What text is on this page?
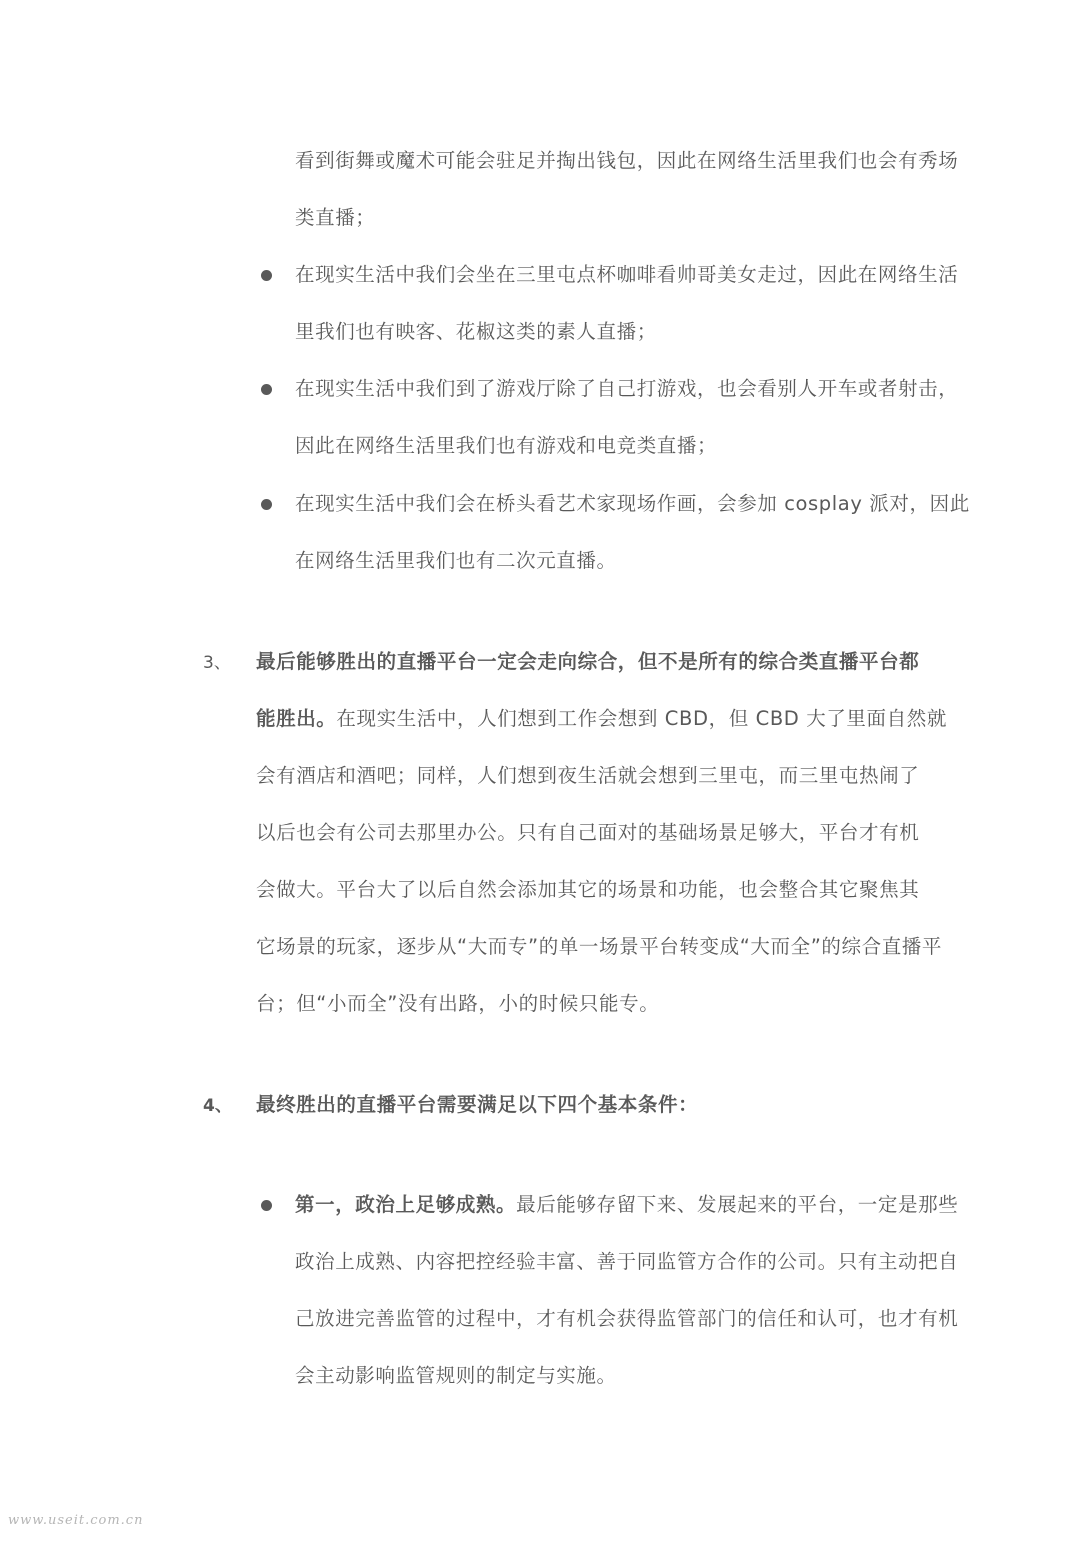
看到街舞或魔术可能会驻足并掏出钱包，因此在网络生活里我们也会有秀场
类直播；
在现实生活中我们会坐在三里屯点杯咖啡看帅哥美女走过，因此在网络生活
里我们也有映客、花椒这类的素人直播；
在现实生活中我们到了游戏厅除了自己打游戏，也会看别人开车或者射击，
因此在网络生活里我们也有游戏和电竞类直播；
在现实生活中我们会在桥头看艺术家现场作画，会参加 cosplay 派对，因此
在网络生活里我们也有二次元直播。
3、 最后能够胜出的直播平台一定会走向综合，但不是所有的综合类直播平台都
能胜出。在现实生活中，人们想到工作会想到 CBD，但 CBD 大了里面自然就
会有酒店和酒吧；同样，人们想到夜生活就会想到三里屯，而三里屯热闹了
以后也会有公司去那里办公。只有自己面对的基础场景足够大，平台才有机
会做大。平台大了以后自然会添加其它的场景和功能，也会整合其它聚焦其
它场景的玩家，逐步从“大而专”的单一场景平台转变成“大而全”的综合直播平
台；但“小而全”没有出路，小的时候只能专。
4、 最终胜出的直播平台需要满足以下四个基本条件：
第一，政治上足够成熟。最后能够存留下来、发展起来的平台，一定是那些
政治上成熟、内容把控经验丰富、善于同监管方合作的公司。只有主动把自
己放进完善监管的过程中，才有机会获得监管部门的信任和认可，也才有机
会主动影响监管规则的制定与实施。
www.useit.com.cn
